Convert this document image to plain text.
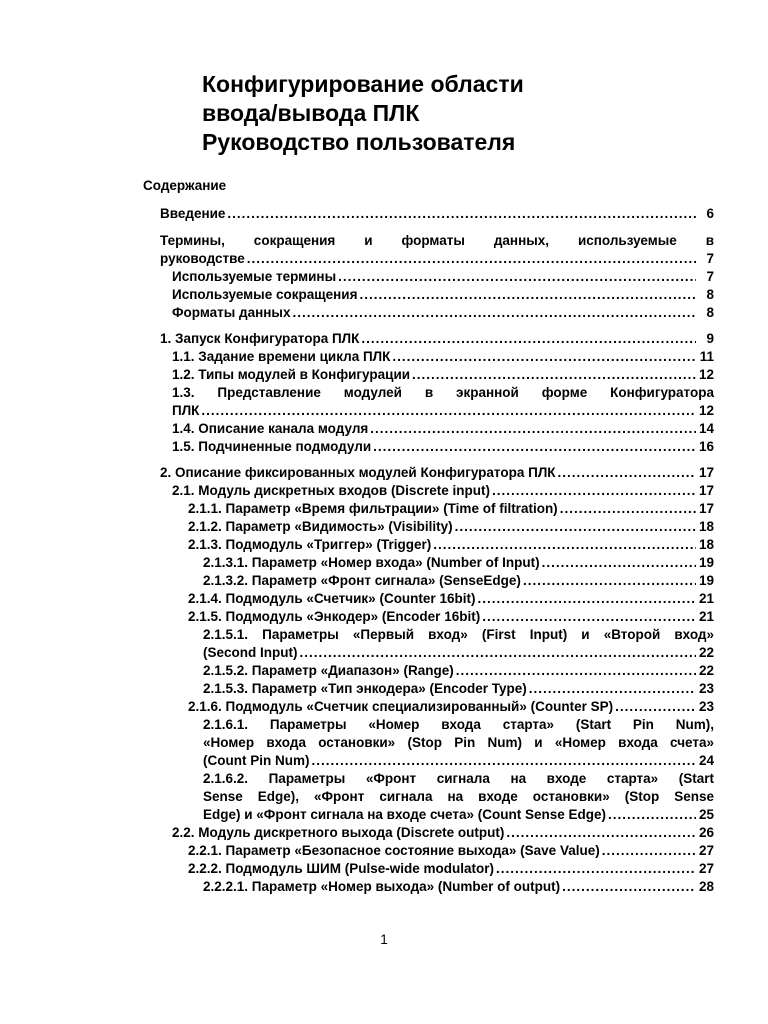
Конфигурирование области
ввода/вывода ПЛК
Руководство пользователя
Содержание
Введение .....	6
Термины, сокращения и форматы данных, используемые в
руководстве .....	7
Используемые термины .....	7
Используемые сокращения .....	8
Форматы данных .....	8
1. Запуск Конфигуратора ПЛК .....	9
1.1. Задание времени цикла ПЛК .....	11
1.2. Типы модулей в Конфигурации .....	12
1.3. Представление модулей в экранной форме Конфигуратора
ПЛК .....	12
1.4. Описание канала модуля .....	14
1.5. Подчиненные подмодули .....	16
2. Описание фиксированных модулей Конфигуратора ПЛК .....	17
2.1. Модуль дискретных входов (Discrete input) .....	17
2.1.1. Параметр «Время фильтрации» (Time of filtration) .....	17
2.1.2. Параметр «Видимость» (Visibility) .....	18
2.1.3. Подмодуль «Триггер» (Trigger) .....	18
2.1.3.1. Параметр «Номер входа» (Number of Input) .....	19
2.1.3.2. Параметр «Фронт сигнала» (SenseEdge) .....	19
2.1.4. Подмодуль «Счетчик» (Counter 16bit) .....	21
2.1.5. Подмодуль «Энкодер» (Encoder 16bit) .....	21
2.1.5.1. Параметры «Первый вход» (First Input) и «Второй вход»
(Second Input) .....	22
2.1.5.2. Параметр «Диапазон» (Range) .....	22
2.1.5.3. Параметр «Тип энкодера» (Encoder Type) .....	23
2.1.6. Подмодуль «Счетчик специализированный» (Counter SP) .....	23
2.1.6.1. Параметры «Номер входа старта» (Start Pin Num),
«Номер входа остановки» (Stop Pin Num) и «Номер входа счета»
(Count Pin Num) .....	24
2.1.6.2. Параметры «Фронт сигнала на входе старта» (Start
Sense Edge), «Фронт сигнала на входе остановки» (Stop Sense
Edge) и «Фронт сигнала на входе счета» (Count Sense Edge) .....	25
2.2. Модуль дискретного выхода (Discrete output) .....	26
2.2.1. Параметр «Безопасное состояние выхода» (Save Value) .....	27
2.2.2. Подмодуль ШИМ (Pulse-wide modulator) .....	27
2.2.2.1. Параметр «Номер выхода» (Number of output) .....	28
1
